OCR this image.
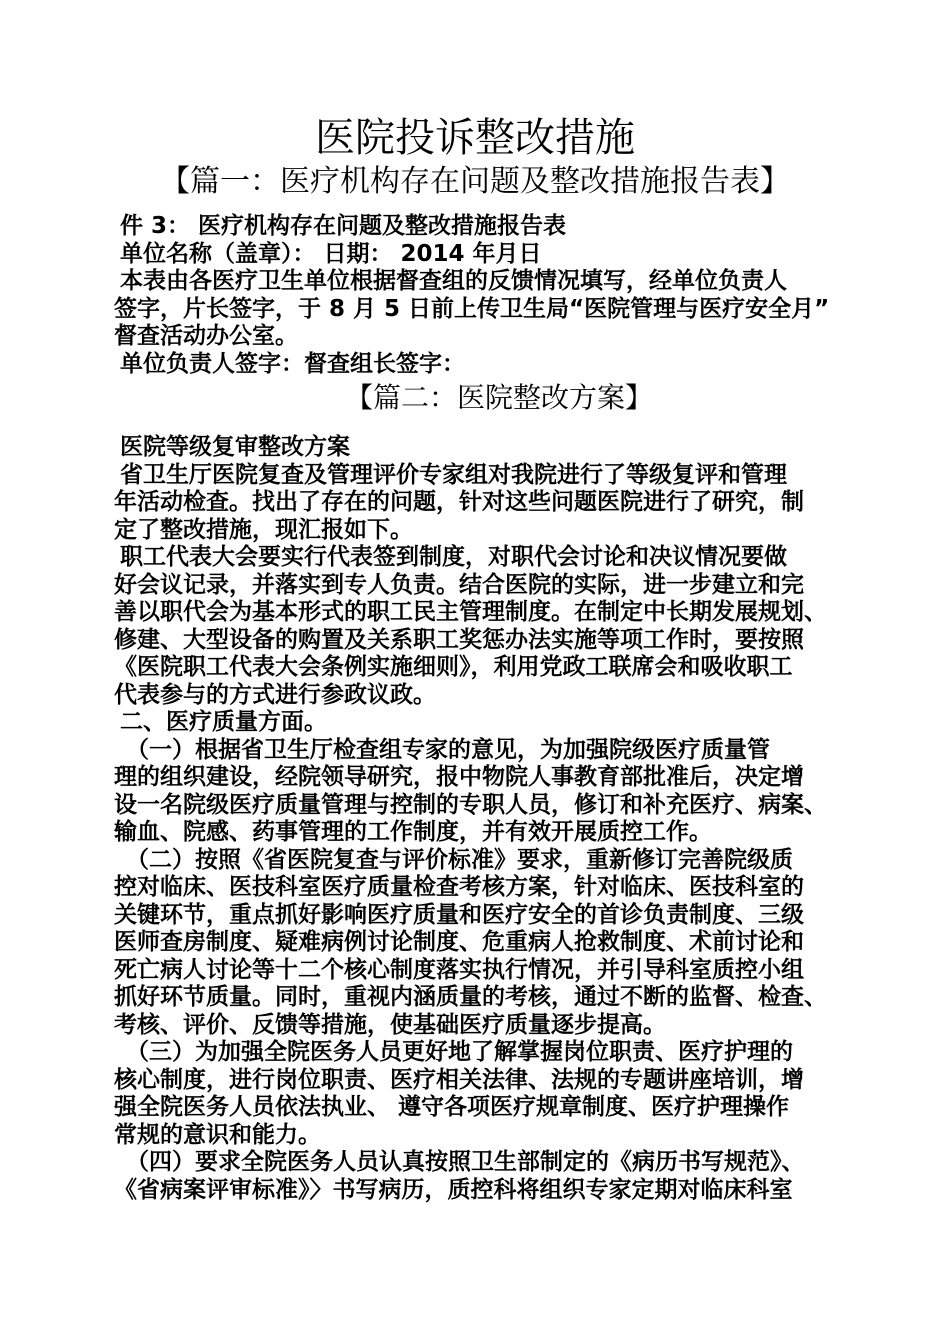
医院投诉整改措施
【篇一：医疗机构存在问题及整改措施报告表】
件 3： 医疗机构存在问题及整改措施报告表
单位名称（盖章）： 日期： 2014 年月日
本表由各医疗卫生单位根据督查组的反馈情况填写，经单位负责人
签字，片长签字，于 8 月 5 日前上传卫生局“医院管理与医疗安全月”
督查活动办公室。
单位负责人签字：督查组长签字：
【篇二：医院整改方案】
医院等级复审整改方案
省卫生厅医院复查及管理评价专家组对我院进行了等级复评和管理
年活动检查。找出了存在的问题，针对这些问题医院进行了研究，制
定了整改措施，现汇报如下。
职工代表大会要实行代表签到制度，对职代会讨论和决议情况要做
好会议记录，并落实到专人负责。结合医院的实际，进一步建立和完
善以职代会为基本形式的职工民主管理制度。在制定中长期发展规划、
修建、大型设备的购置及关系职工奖惩办法实施等项工作时，要按照
《医院职工代表大会条例实施细则》，利用党政工联席会和吸收职工
代表参与的方式进行参政议政。
二、医疗质量方面。
（一）根据省卫生厅检查组专家的意见，为加强院级医疗质量管
理的组织建设，经院领导研究，报中物院人事教育部批准后，决定增
设一名院级医疗质量管理与控制的专职人员，修订和补充医疗、病案、
输血、院感、药事管理的工作制度，并有效开展质控工作。
（二）按照《省医院复查与评价标准》要求，重新修订完善院级质
控对临床、医技科室医疗质量检查考核方案，针对临床、医技科室的
关键环节，重点抓好影响医疗质量和医疗安全的首诊负责制度、三级
医师查房制度、疑难病例讨论制度、危重病人抢救制度、术前讨论和
死亡病人讨论等十二个核心制度落实执行情况，并引导科室质控小组
抓好环节质量。同时，重视内涵质量的考核，通过不断的监督、检查、
考核、评价、反馈等措施，使基础医疗质量逐步提高。
（三）为加强全院医务人员更好地了解掌握岗位职责、医疗护理的
核心制度，进行岗位职责、医疗相关法律、法规的专题讲座培训，增
强全院医务人员依法执业、 遵守各项医疗规章制度、医疗护理操作
常规的意识和能力。
（四）要求全院医务人员认真按照卫生部制定的《病历书写规范》、
《省病案评审标准》〉书写病历，质控科将组织专家定期对临床科室
